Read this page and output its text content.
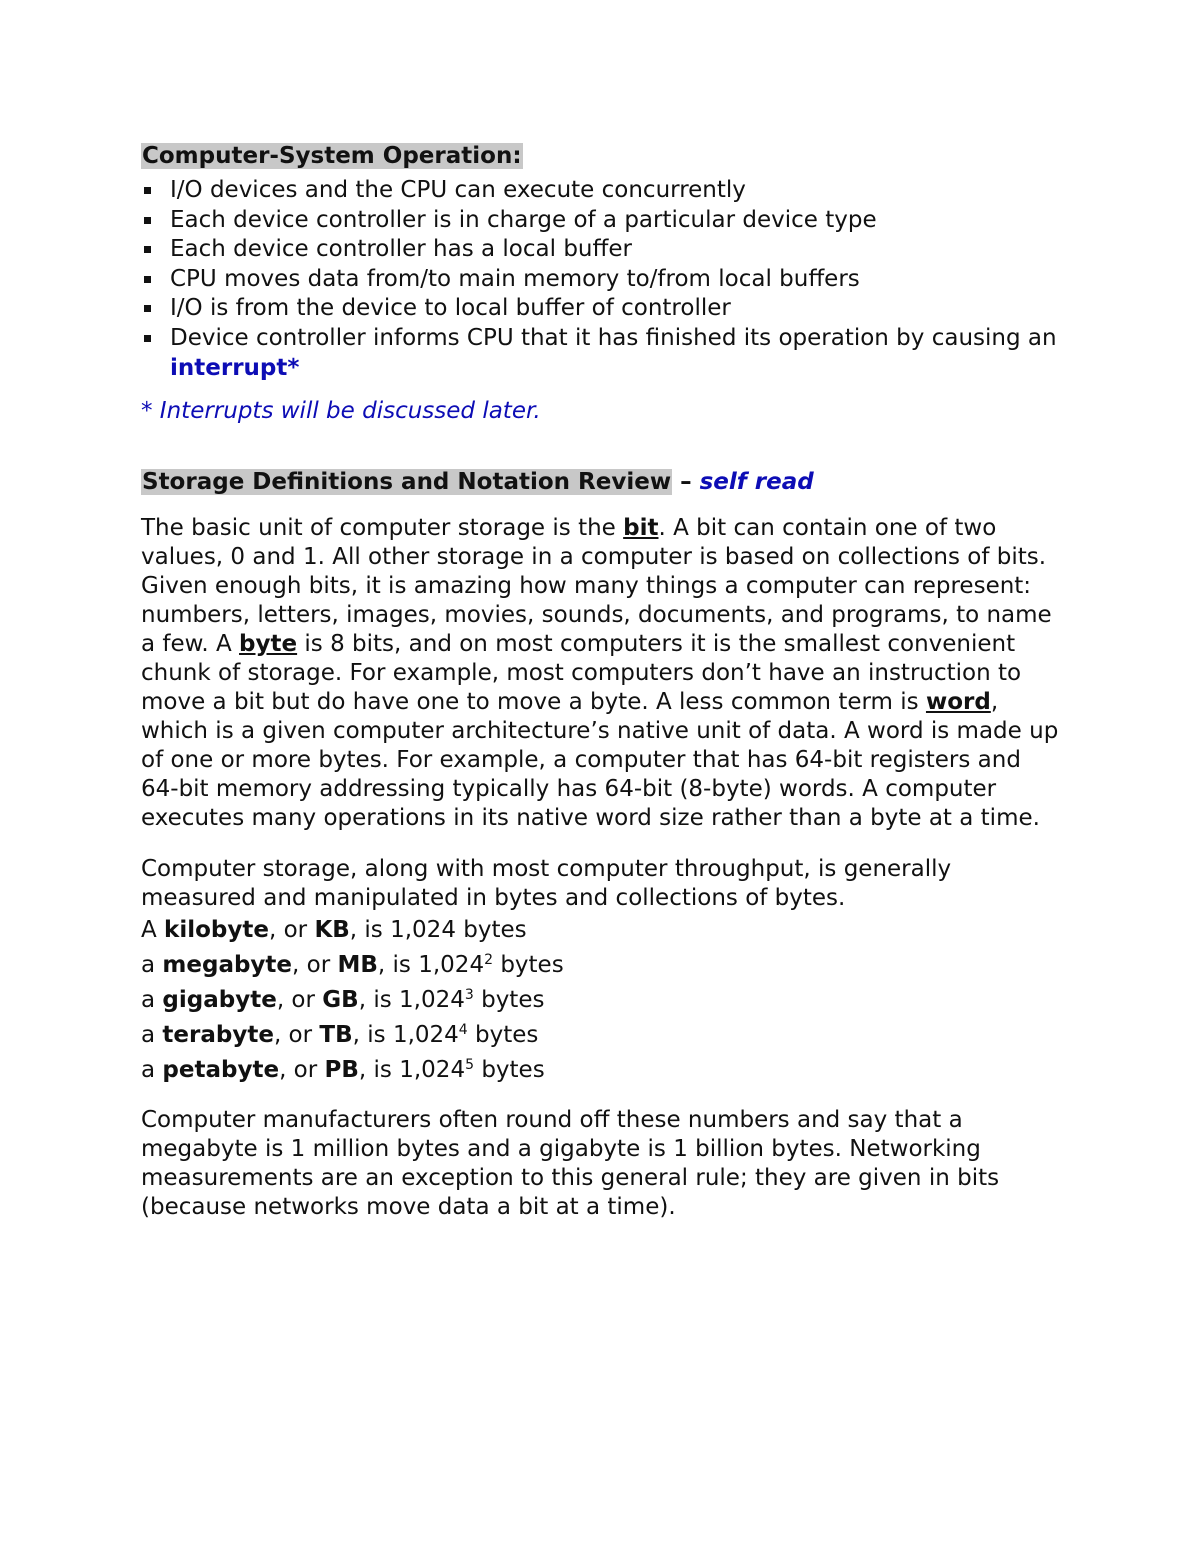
Computer-System Operation:
I/O devices and the CPU can execute concurrently
Each device controller is in charge of a particular device type
Each device controller has a local buffer
CPU moves data from/to main memory to/from local buffers
I/O is from the device to local buffer of controller
Device controller informs CPU that it has finished its operation by causing an interrupt*

* Interrupts will be discussed later.

Storage Definitions and Notation Review – self read

The basic unit of computer storage is the bit. A bit can contain one of two values, 0 and 1. All other storage in a computer is based on collections of bits. Given enough bits, it is amazing how many things a computer can represent: numbers, letters, images, movies, sounds, documents, and programs, to name a few. A byte is 8 bits, and on most computers it is the smallest convenient chunk of storage. For example, most computers don’t have an instruction to move a bit but do have one to move a byte. A less common term is word, which is a given computer architecture’s native unit of data. A word is made up of one or more bytes. For example, a computer that has 64-bit registers and 64-bit memory addressing typically has 64-bit (8-byte) words. A computer executes many operations in its native word size rather than a byte at a time.

Computer storage, along with most computer throughput, is generally measured and manipulated in bytes and collections of bytes.

A kilobyte, or KB, is 1,024 bytes
a megabyte, or MB, is 1,024$^2$ bytes
a gigabyte, or GB, is 1,024$^3$ bytes
a terabyte, or TB, is 1,024$^4$ bytes
a petabyte, or PB, is 1,024$^5$ bytes

Computer manufacturers often round off these numbers and say that a megabyte is 1 million bytes and a gigabyte is 1 billion bytes. Networking measurements are an exception to this general rule; they are given in bits (because networks move data a bit at a time).
